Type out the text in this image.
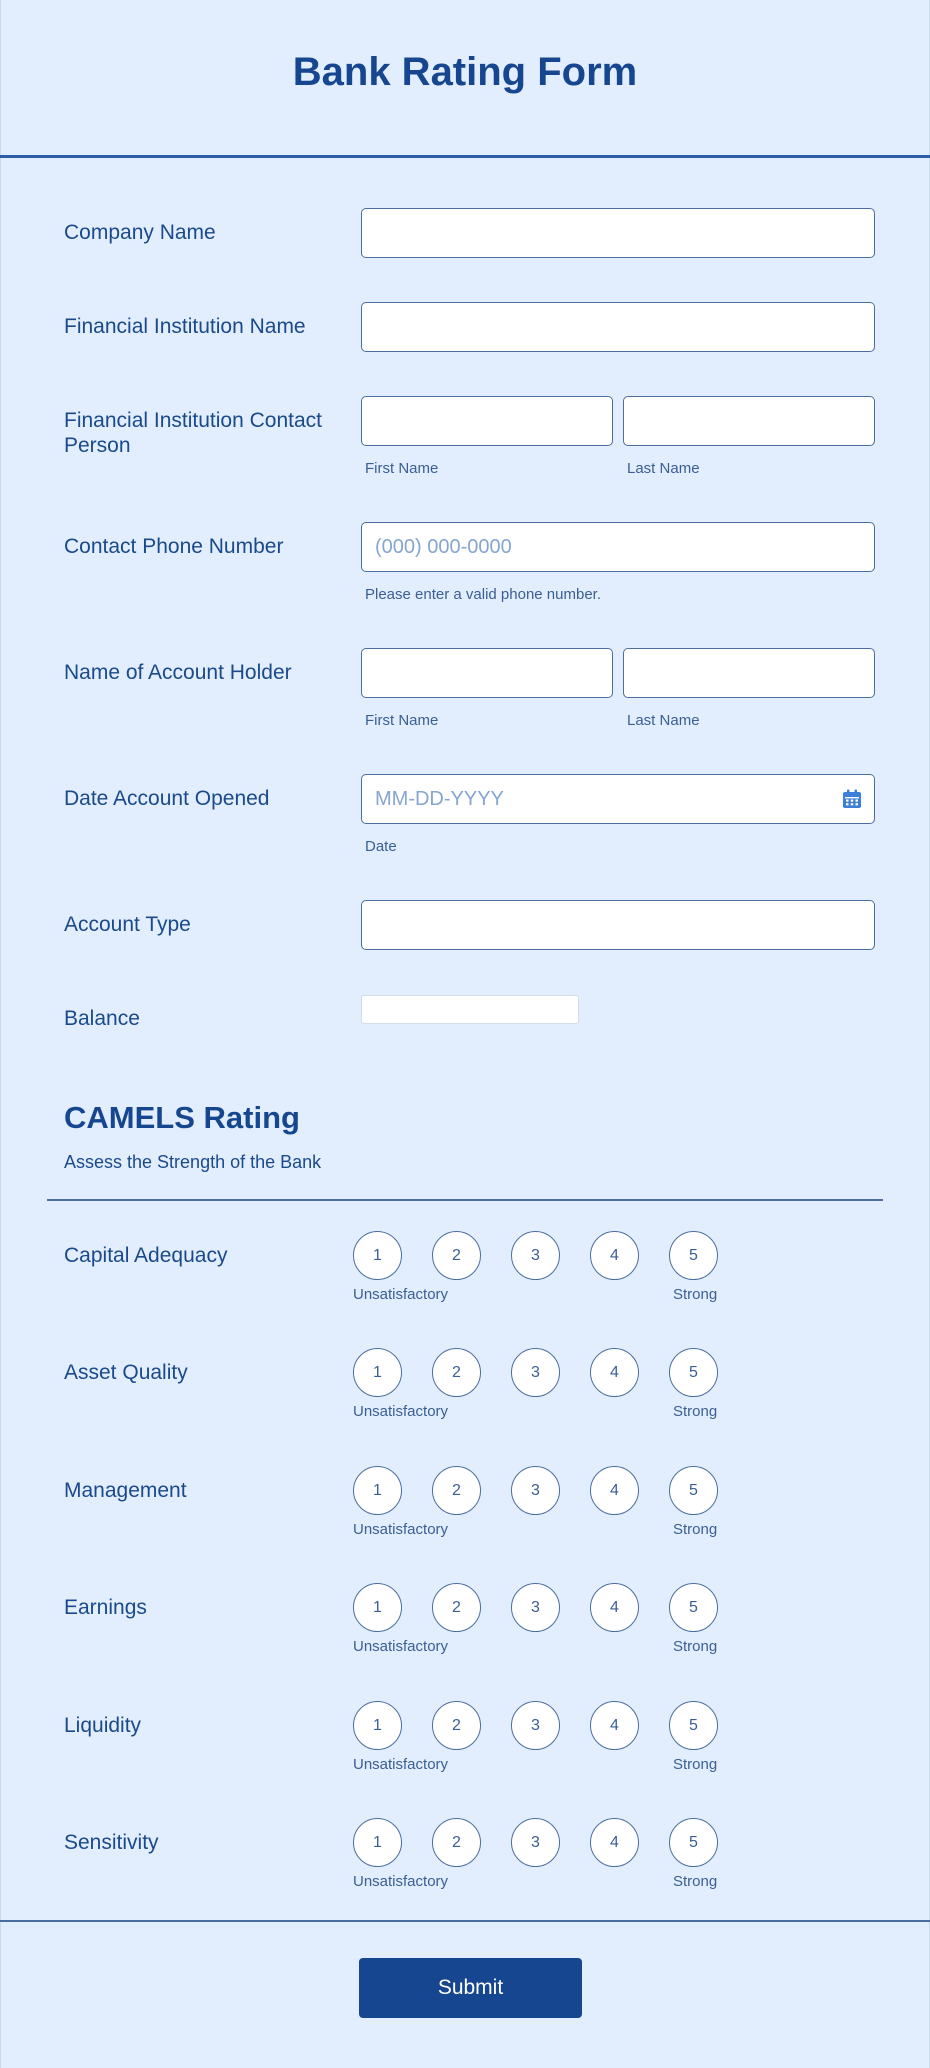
Bank Rating Form
Company Name
Financial Institution Name
Financial Institution Contact
Person
First Name	Last Name
Contact Phone Number	(000) 000-0000
Please enter a valid phone number.
Name of Account Holder
First Name	Last Name
Date Account Opened	MM-DD-YYYY
Date
Account Type
Balance
CAMELS Rating
Assess the Strength of the Bank
Capital Adequacy	1	2	3	4	5
Unsatisfactory	Strong
Asset Quality	1	2	3	4	5
Unsatisfactory	Strong
Management	1	2	3	4	5
Unsatisfactory	Strong
Earnings	1	2	3	4	5
Unsatisfactory	Strong
Liquidity	1	2	3	4	5
Unsatisfactory	Strong
Sensitivity	1	2	3	4	5
Unsatisfactory	Strong
Submit
